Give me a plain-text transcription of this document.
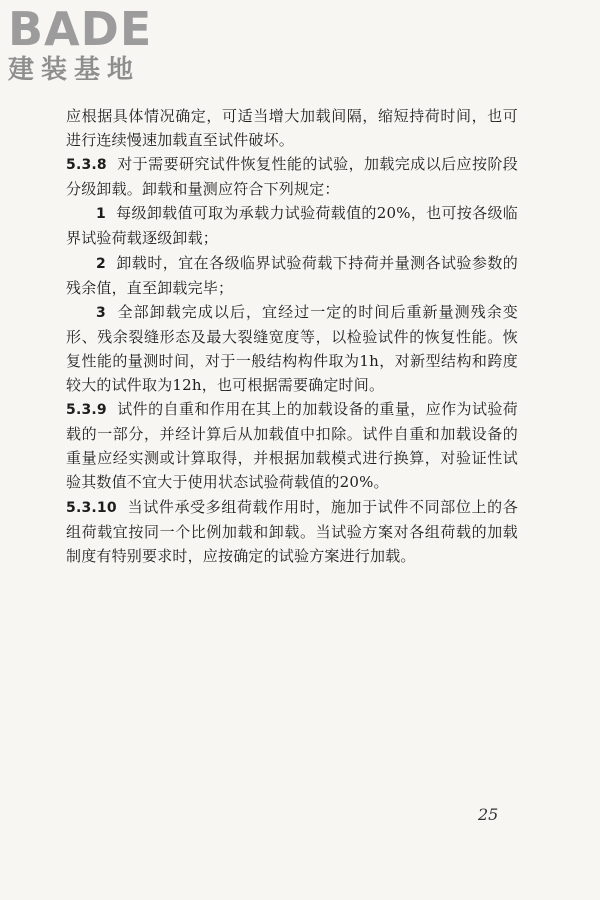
BADE
建装基地

应根据具体情况确定，可适当增大加载间隔，缩短持荷时间，也可进行连续慢速加载直至试件破坏。

5.3.8 对于需要研究试件恢复性能的试验，加载完成以后应按阶段分级卸载。卸载和量测应符合下列规定：

1 每级卸载值可取为承载力试验荷载值的20%，也可按各级临界试验荷载逐级卸载；

2 卸载时，宜在各级临界试验荷载下持荷并量测各试验参数的残余值，直至卸载完毕；

3 全部卸载完成以后，宜经过一定的时间后重新量测残余变形、残余裂缝形态及最大裂缝宽度等，以检验试件的恢复性能。恢复性能的量测时间，对于一般结构构件取为1h，对新型结构和跨度较大的试件取为12h，也可根据需要确定时间。

5.3.9 试件的自重和作用在其上的加载设备的重量，应作为试验荷载的一部分，并经计算后从加载值中扣除。试件自重和加载设备的重量应经实测或计算取得，并根据加载模式进行换算，对验证性试验其数值不宜大于使用状态试验荷载值的20%。

5.3.10 当试件承受多组荷载作用时，施加于试件不同部位上的各组荷载宜按同一个比例加载和卸载。当试验方案对各组荷载的加载制度有特别要求时，应按确定的试验方案进行加载。

25
